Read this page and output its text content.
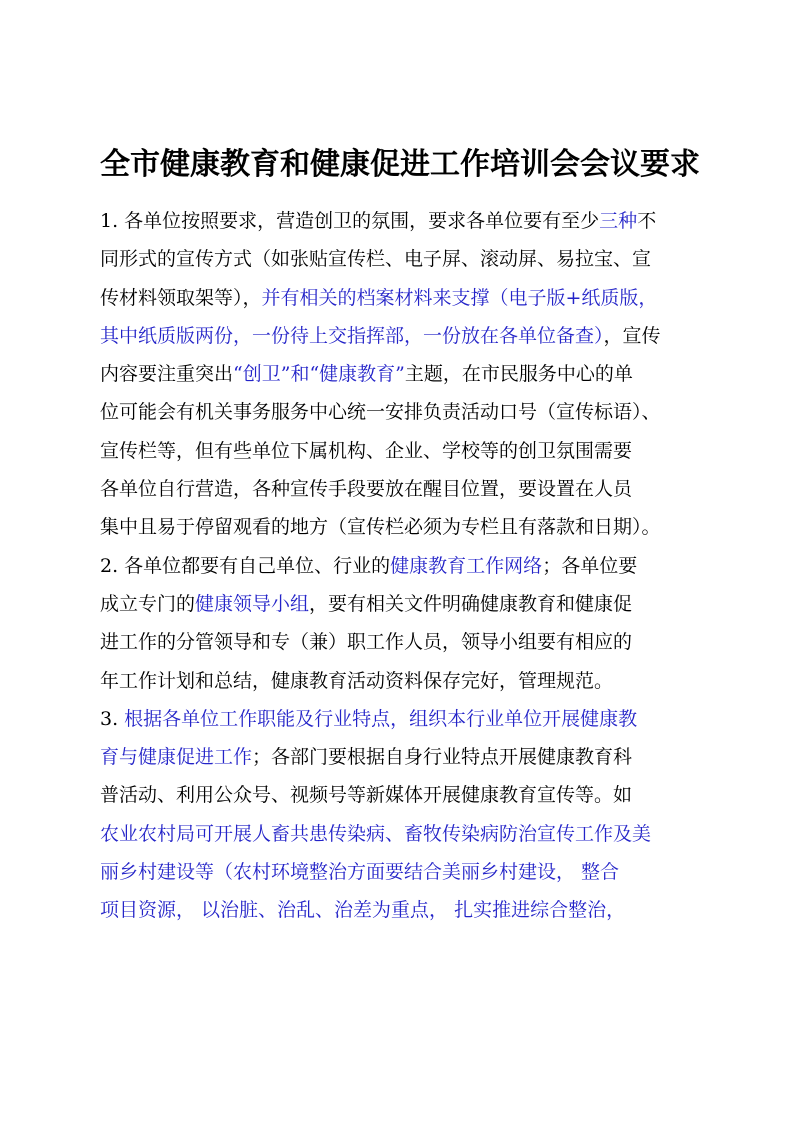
全市健康教育和健康促进工作培训会会议要求
1. 各单位按照要求，营造创卫的氛围，要求各单位要有至少三种不
同形式的宣传方式（如张贴宣传栏、电子屏、滚动屏、易拉宝、宣
传材料领取架等），并有相关的档案材料来支撑（电子版+纸质版，
其中纸质版两份，一份待上交指挥部，一份放在各单位备查），宣传
内容要注重突出“创卫”和“健康教育”主题，在市民服务中心的单
位可能会有机关事务服务中心统一安排负责活动口号（宣传标语）、
宣传栏等，但有些单位下属机构、企业、学校等的创卫氛围需要
各单位自行营造，各种宣传手段要放在醒目位置，要设置在人员
集中且易于停留观看的地方（宣传栏必须为专栏且有落款和日期）。
2. 各单位都要有自己单位、行业的健康教育工作网络；各单位要
成立专门的健康领导小组，要有相关文件明确健康教育和健康促
进工作的分管领导和专（兼）职工作人员，领导小组要有相应的
年工作计划和总结，健康教育活动资料保存完好，管理规范。
3. 根据各单位工作职能及行业特点，组织本行业单位开展健康教
育与健康促进工作；各部门要根据自身行业特点开展健康教育科
普活动、利用公众号、视频号等新媒体开展健康教育宣传等。如
农业农村局可开展人畜共患传染病、畜牧传染病防治宣传工作及美
丽乡村建设等（农村环境整治方面要结合美丽乡村建设， 整合
项目资源， 以治脏、治乱、治差为重点， 扎实推进综合整治，
